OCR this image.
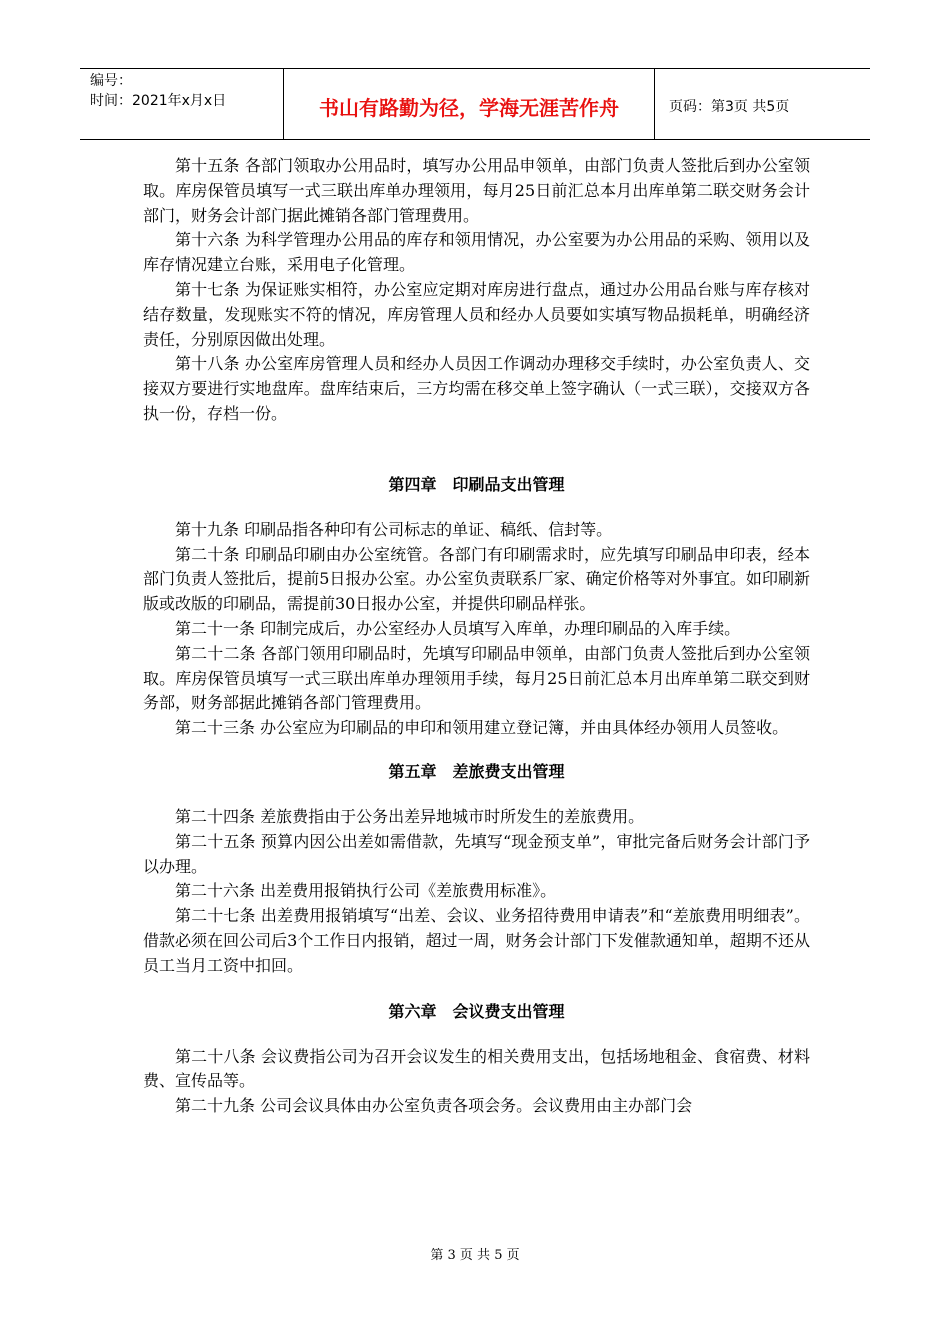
编号：
时间：2021年x月x日	书山有路勤为径，学海无涯苦作舟	页码：第3页 共5页

第十五条 各部门领取办公用品时，填写办公用品申领单，由部门负责人签批后到办公室领取。库房保管员填写一式三联出库单办理领用，每月25日前汇总本月出库单第二联交财务会计部门，财务会计部门据此摊销各部门管理费用。

第十六条 为科学管理办公用品的库存和领用情况，办公室要为办公用品的采购、领用以及库存情况建立台账，采用电子化管理。

第十七条 为保证账实相符，办公室应定期对库房进行盘点，通过办公用品台账与库存核对结存数量，发现账实不符的情况，库房管理人员和经办人员要如实填写物品损耗单，明确经济责任，分别原因做出处理。

第十八条 办公室库房管理人员和经办人员因工作调动办理移交手续时，办公室负责人、交接双方要进行实地盘库。盘库结束后，三方均需在移交单上签字确认（一式三联），交接双方各执一份，存档一份。

第四章　印刷品支出管理

第十九条 印刷品指各种印有公司标志的单证、稿纸、信封等。

第二十条 印刷品印刷由办公室统管。各部门有印刷需求时，应先填写印刷品申印表，经本部门负责人签批后，提前5日报办公室。办公室负责联系厂家、确定价格等对外事宜。如印刷新版或改版的印刷品，需提前30日报办公室，并提供印刷品样张。

第二十一条 印制完成后，办公室经办人员填写入库单，办理印刷品的入库手续。

第二十二条 各部门领用印刷品时，先填写印刷品申领单，由部门负责人签批后到办公室领取。库房保管员填写一式三联出库单办理领用手续，每月25日前汇总本月出库单第二联交到财务部，财务部据此摊销各部门管理费用。

第二十三条 办公室应为印刷品的申印和领用建立登记簿，并由具体经办领用人员签收。

第五章　差旅费支出管理

第二十四条 差旅费指由于公务出差异地城市时所发生的差旅费用。

第二十五条 预算内因公出差如需借款，先填写“现金预支单”，审批完备后财务会计部门予以办理。

第二十六条 出差费用报销执行公司《差旅费用标准》。

第二十七条 出差费用报销填写“出差、会议、业务招待费用申请表”和“差旅费用明细表”。借款必须在回公司后3个工作日内报销，超过一周，财务会计部门下发催款通知单，超期不还从员工当月工资中扣回。

第六章　会议费支出管理

第二十八条 会议费指公司为召开会议发生的相关费用支出，包括场地租金、食宿费、材料费、宣传品等。

第二十九条 公司会议具体由办公室负责各项会务。会议费用由主办部门会

第 3 页 共 5 页
